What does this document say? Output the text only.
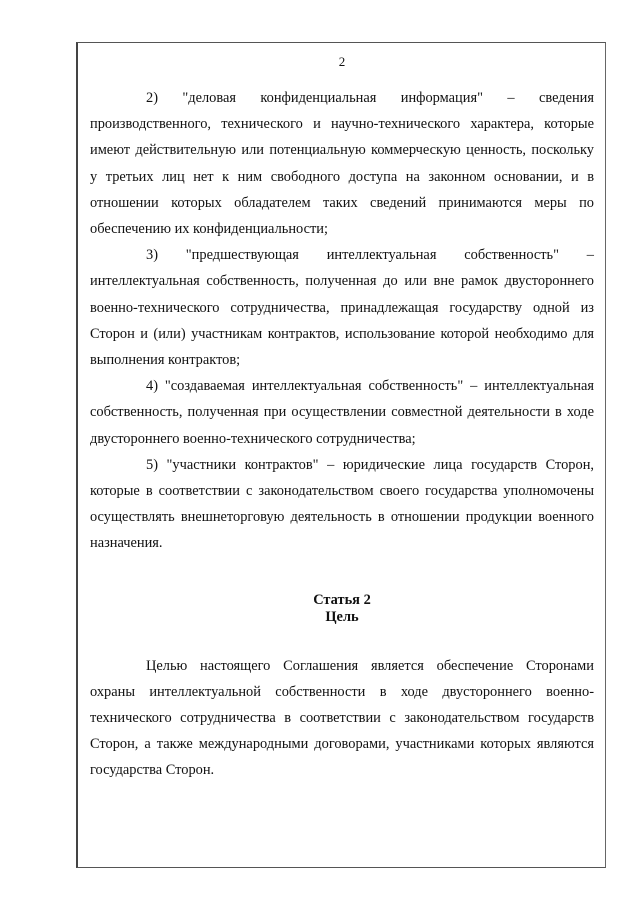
2

2) "деловая конфиденциальная информация" – сведения производственного, технического и научно-технического характера, которые имеют действительную или потенциальную коммерческую ценность, поскольку у третьих лиц нет к ним свободного доступа на законном основании, и в отношении которых обладателем таких сведений принимаются меры по обеспечению их конфиденциальности;

3) "предшествующая интеллектуальная собственность" – интеллектуальная собственность, полученная до или вне рамок двустороннего военно-технического сотрудничества, принадлежащая государству одной из Сторон и (или) участникам контрактов, использование которой необходимо для выполнения контрактов;

4) "создаваемая интеллектуальная собственность" – интеллектуальная собственность, полученная при осуществлении совместной деятельности в ходе двустороннего военно-технического сотрудничества;

5) "участники контрактов" – юридические лица государств Сторон, которые в соответствии с законодательством своего государства уполномочены осуществлять внешнеторговую деятельность в отношении продукции военного назначения.

Статья 2

Цель

Целью настоящего Соглашения является обеспечение Сторонами охраны интеллектуальной собственности в ходе двустороннего военно-технического сотрудничества в соответствии с законодательством государств Сторон, а также международными договорами, участниками которых являются государства Сторон.
